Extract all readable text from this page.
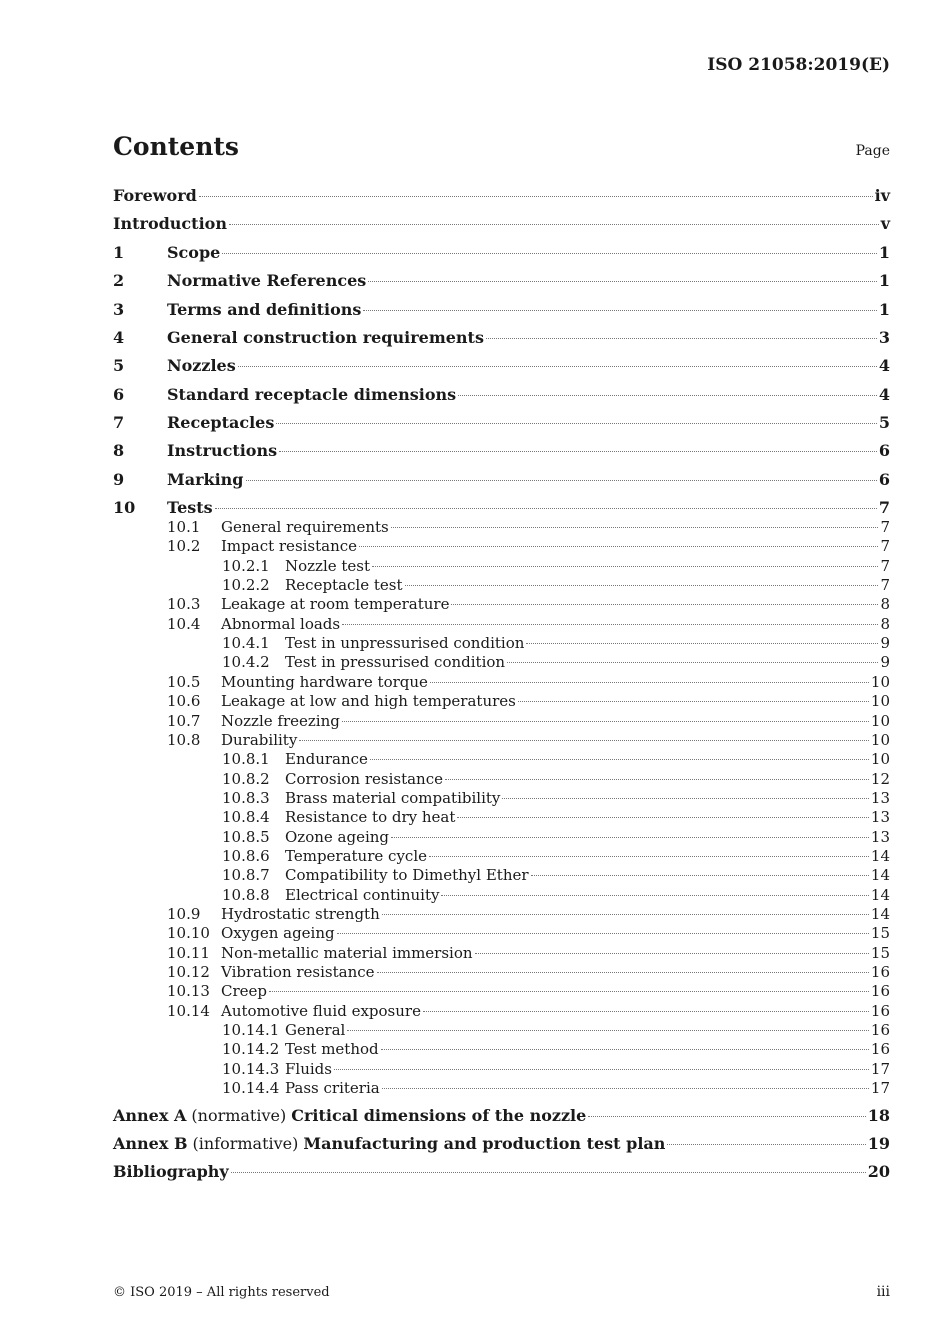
ISO 21058:2019(E)
Contents	Page
Foreword	iv
Introduction	v
1	Scope	1
2	Normative References	1
3	Terms and definitions	1
4	General construction requirements	3
5	Nozzles	4
6	Standard receptacle dimensions	4
7	Receptacles	5
8	Instructions	6
9	Marking	6
10	Tests	7
10.1	General requirements	7
10.2	Impact resistance	7
10.2.1	Nozzle test	7
10.2.2	Receptacle test	7
10.3	Leakage at room temperature	8
10.4	Abnormal loads	8
10.4.1	Test in unpressurised condition	9
10.4.2	Test in pressurised condition	9
10.5	Mounting hardware torque	10
10.6	Leakage at low and high temperatures	10
10.7	Nozzle freezing	10
10.8	Durability	10
10.8.1	Endurance	10
10.8.2	Corrosion resistance	12
10.8.3	Brass material compatibility	13
10.8.4	Resistance to dry heat	13
10.8.5	Ozone ageing	13
10.8.6	Temperature cycle	14
10.8.7	Compatibility to Dimethyl Ether	14
10.8.8	Electrical continuity	14
10.9	Hydrostatic strength	14
10.10 Oxygen ageing	15
10.11 Non-metallic material immersion	15
10.12 Vibration resistance	16
10.13 Creep	16
10.14 Automotive fluid exposure	16
10.14.1 General	16
10.14.2 Test method	16
10.14.3 Fluids	17
10.14.4 Pass criteria	17
Annex A (normative) Critical dimensions of the nozzle	18
Annex B (informative) Manufacturing and production test plan	19
Bibliography	20
© ISO 2019 – All rights reserved	iii
